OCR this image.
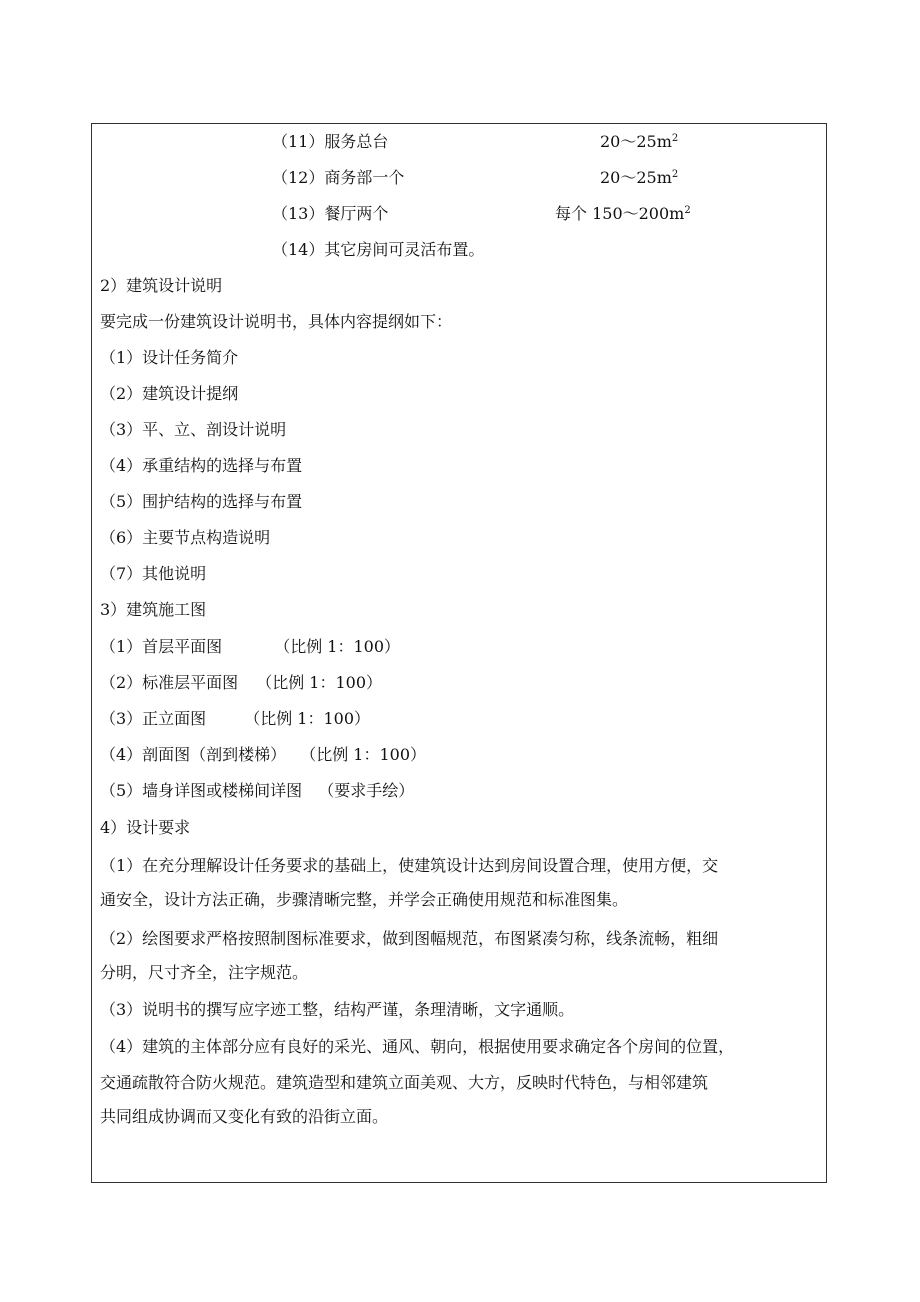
（11）服务总台	$20\sim 25m^2$
（12）商务部一个	$20\sim 25m^2$
（13）餐厅两个	每个 $150\sim 200m^2$
（14）其它房间可灵活布置。
2）建筑设计说明
要完成一份建筑设计说明书，具体内容提纲如下：
（1）设计任务简介
（2）建筑设计提纲
（3）平、立、剖设计说明
（4）承重结构的选择与布置
（5）围护结构的选择与布置
（6）主要节点构造说明
（7）其他说明
3）建筑施工图
（1）首层平面图	（比例 1：100）
（2）标准层平面图 （比例 1：100）
（3）正立面图 （比例 1：100）
（4）剖面图（剖到楼梯） （比例 1：100）
（5）墙身详图或楼梯间详图 （要求手绘）
4）设计要求
（1）在充分理解设计任务要求的基础上，使建筑设计达到房间设置合理，使用方便，交
通安全，设计方法正确，步骤清晰完整，并学会正确使用规范和标准图集。
（2）绘图要求严格按照制图标准要求，做到图幅规范，布图紧凑匀称，线条流畅，粗细
分明，尺寸齐全，注字规范。
（3）说明书的撰写应字迹工整，结构严谨，条理清晰，文字通顺。
（4）建筑的主体部分应有良好的采光、通风、朝向，根据使用要求确定各个房间的位置，
交通疏散符合防火规范。建筑造型和建筑立面美观、大方，反映时代特色，与相邻建筑
共同组成协调而又变化有致的沿街立面。
